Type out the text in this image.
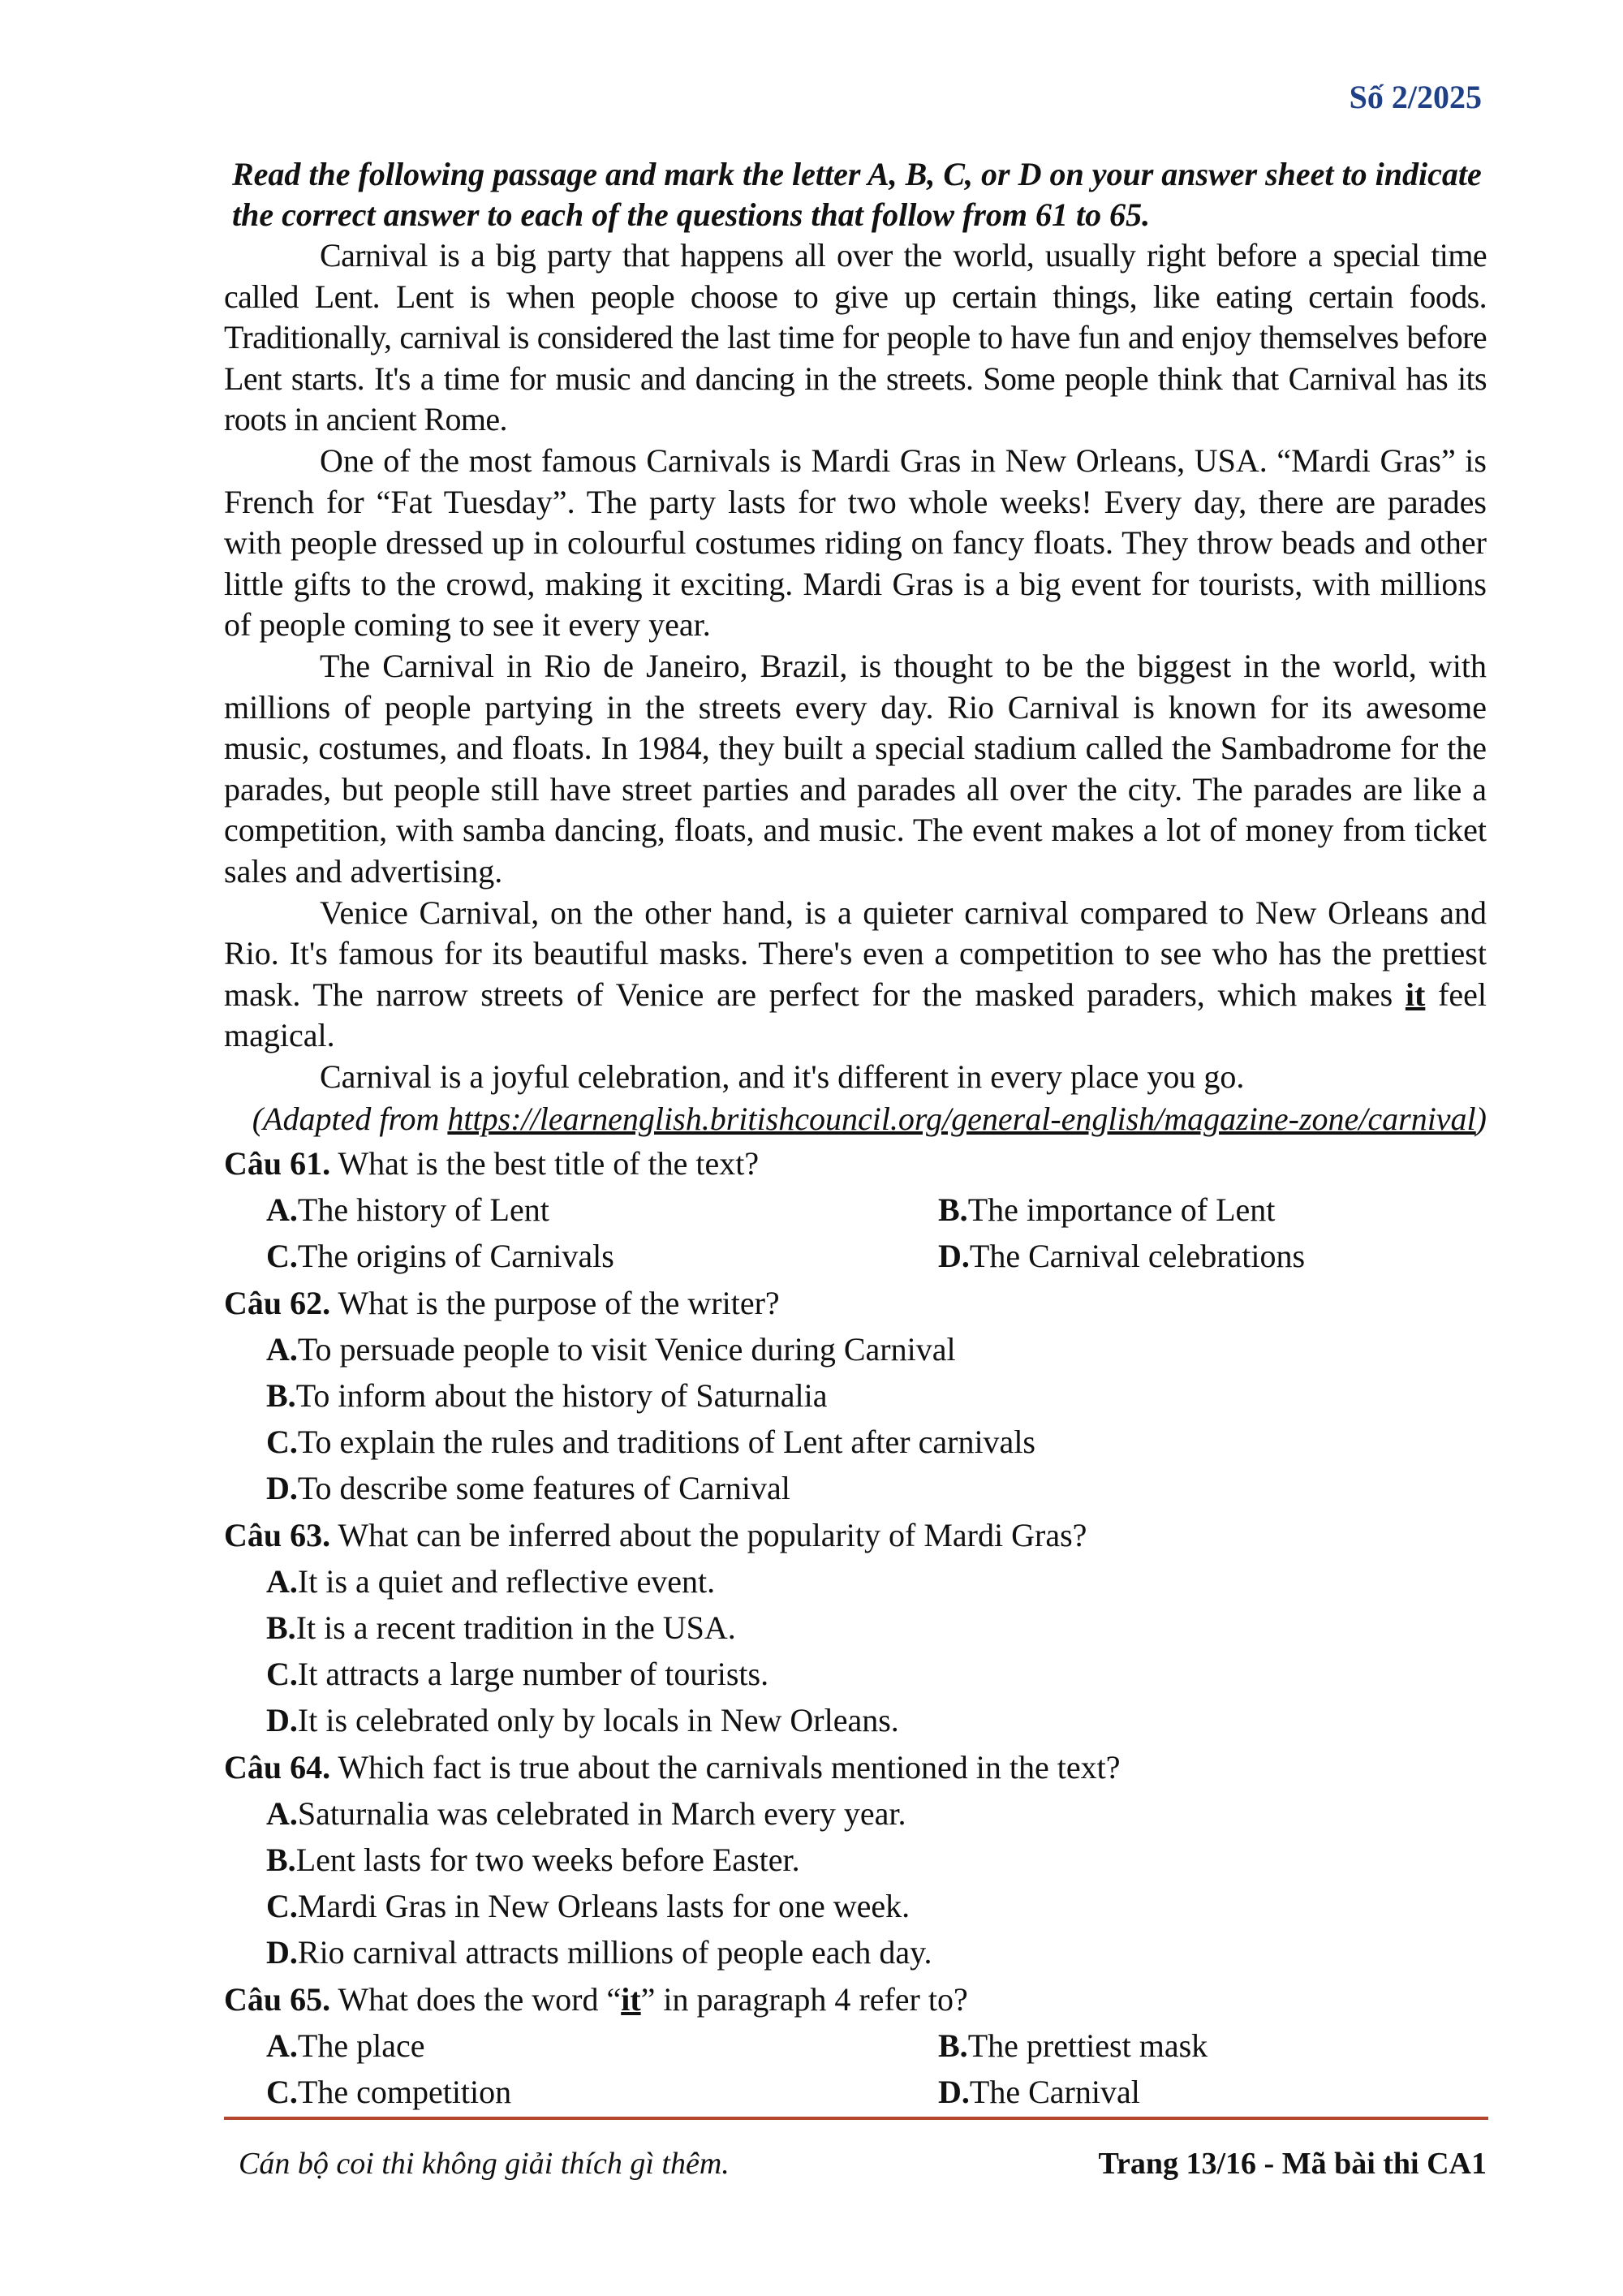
Số 2/2025
Read the following passage and mark the letter A, B, C, or D on your answer sheet to indicate the correct answer to each of the questions that follow from 61 to 65.

Carnival is a big party that happens all over the world, usually right before a special time called Lent. Lent is when people choose to give up certain things, like eating certain foods. Traditionally, carnival is considered the last time for people to have fun and enjoy themselves before Lent starts. It's a time for music and dancing in the streets. Some people think that Carnival has its roots in ancient Rome.

One of the most famous Carnivals is Mardi Gras in New Orleans, USA. “Mardi Gras” is French for “Fat Tuesday”. The party lasts for two whole weeks! Every day, there are parades with people dressed up in colourful costumes riding on fancy floats. They throw beads and other little gifts to the crowd, making it exciting. Mardi Gras is a big event for tourists, with millions of people coming to see it every year.

The Carnival in Rio de Janeiro, Brazil, is thought to be the biggest in the world, with millions of people partying in the streets every day. Rio Carnival is known for its awesome music, costumes, and floats. In 1984, they built a special stadium called the Sambadrome for the parades, but people still have street parties and parades all over the city. The parades are like a competition, with samba dancing, floats, and music. The event makes a lot of money from ticket sales and advertising.

Venice Carnival, on the other hand, is a quieter carnival compared to New Orleans and Rio. It's famous for its beautiful masks. There's even a competition to see who has the prettiest mask. The narrow streets of Venice are perfect for the masked paraders, which makes it feel magical.

Carnival is a joyful celebration, and it's different in every place you go.

(Adapted from https://learnenglish.britishcouncil.org/general-english/magazine-zone/carnival)
Câu 61. What is the best title of the text?
A.The history of Lent	B.The importance of Lent
C.The origins of Carnivals	D.The Carnival celebrations
Câu 62. What is the purpose of the writer?
A.To persuade people to visit Venice during Carnival
B.To inform about the history of Saturnalia
C.To explain the rules and traditions of Lent after carnivals
D.To describe some features of Carnival
Câu 63. What can be inferred about the popularity of Mardi Gras?
A.It is a quiet and reflective event.
B.It is a recent tradition in the USA.
C.It attracts a large number of tourists.
D.It is celebrated only by locals in New Orleans.
Câu 64. Which fact is true about the carnivals mentioned in the text?
A.Saturnalia was celebrated in March every year.
B.Lent lasts for two weeks before Easter.
C.Mardi Gras in New Orleans lasts for one week.
D.Rio carnival attracts millions of people each day.
Câu 65. What does the word “it” in paragraph 4 refer to?
A.The place	B.The prettiest mask
C.The competition	D.The Carnival
Cán bộ coi thi không giải thích gì thêm.	Trang 13/16 - Mã bài thi CA1
